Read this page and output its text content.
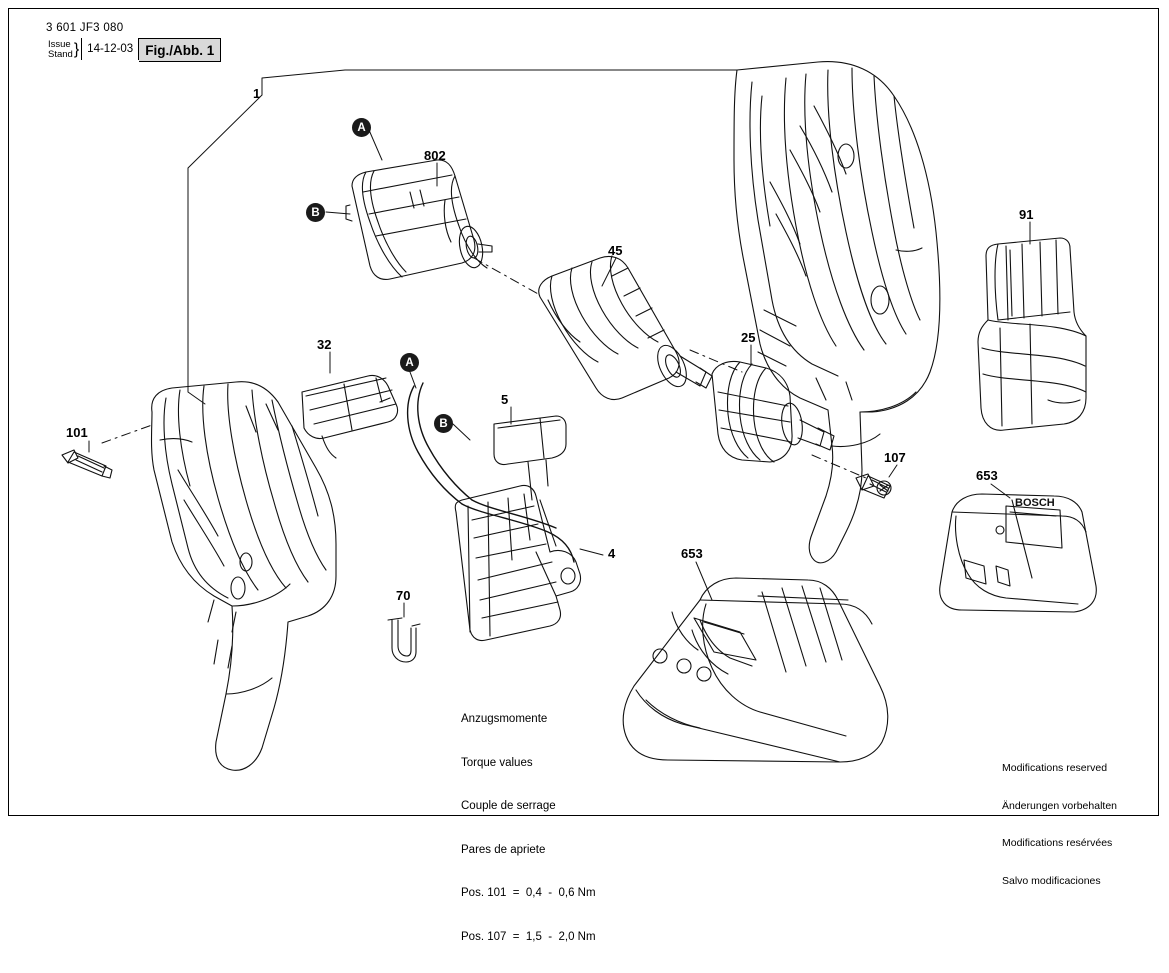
3 601 JF3 080
Issue
Stand } 14-12-03 Fig./Abb. 1
1
802
45
91
32	25
5
101
107
4
70
653
653
A
B
A
B

Anzugsmomente

Torque values

Couple de serrage

Pares de apriete

Pos. 101  =  0,4  -  0,6 Nm

Pos. 107  =  1,5  -  2,0 Nm

Modifications reserved

Änderungen vorbehalten

Modifications resérvées

Salvo modificaciones

BOSCH
